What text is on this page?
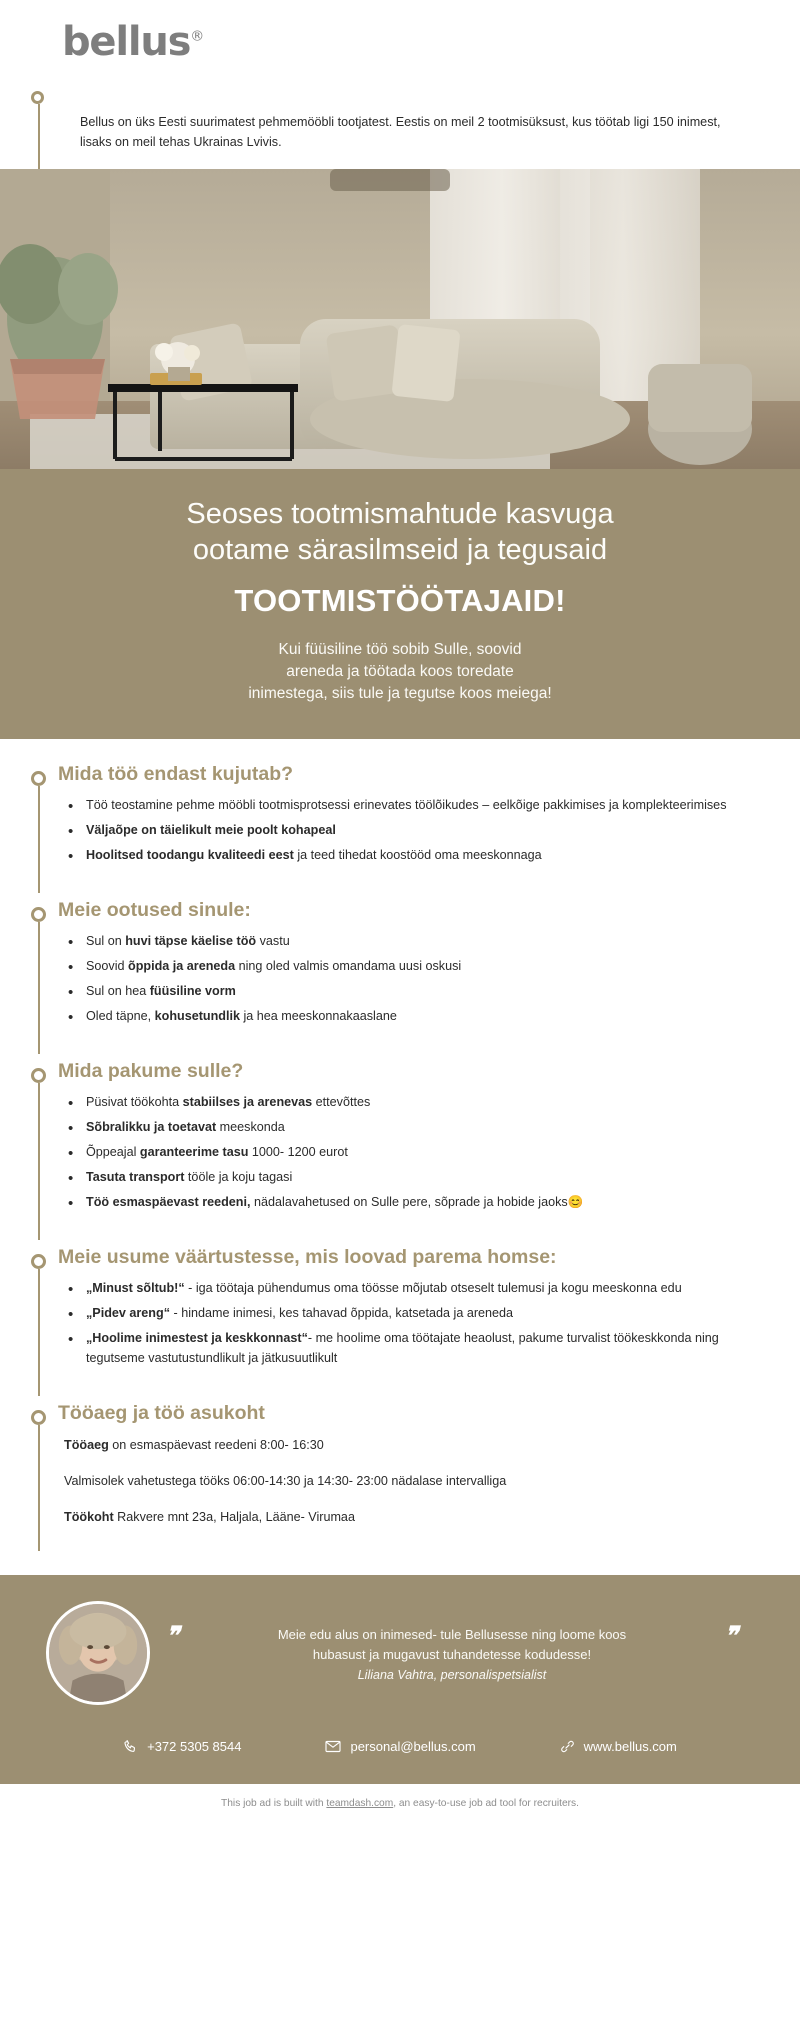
bellus®

Bellus on üks Eesti suurimatest pehmemööbli tootjatest. Eestis on meil 2 tootmisüksust, kus töötab ligi 150 inimest, lisaks on meil tehas Ukrainas Lvivis.

Seoses tootmismahtude kasvuga
ootame särasilmseid ja tegusaid
TOOTMISTÖÖTAJAID!
Kui füüsiline töö sobib Sulle, soovid
areneda ja töötada koos toredate
inimestega, siis tule ja tegutse koos meiega!
Mida töö endast kujutab?
• Töö teostamine pehme mööbli tootmisprotsessi erinevates töölõikudes – eelkõige pakkimises ja komplekteerimises
• Väljaõpe on täielikult meie poolt kohapeal
• Hoolitsed toodangu kvaliteedi eest ja teed tihedat koostööd oma meeskonnaga
Meie ootused sinule:
• Sul on huvi täpse käelise töö vastu
• Soovid õppida ja areneda ning oled valmis omandama uusi oskusi
• Sul on hea füüsiline vorm
• Oled täpne, kohusetundlik ja hea meeskonnakaaslane
Mida pakume sulle?
• Püsivat töökohta stabiilses ja arenevas ettevõttes
• Sõbralikku ja toetavat meeskonda
• Õppeajal garanteerime tasu 1000- 1200 eurot
• Tasuta transport tööle ja koju tagasi
• Töö esmaspäevast reedeni, nädalavahetused on Sulle pere, sõprade ja hobide jaoks😊
Meie usume väärtustesse, mis loovad parema homse:
• „Minust sõltub!“ - iga töötaja pühendumus oma töösse mõjutab otseselt tulemusi ja kogu meeskonna edu
• „Pidev areng“ - hindame inimesi, kes tahavad õppida, katsetada ja areneda
• „Hoolime inimestest ja keskkonnast“- me hoolime oma töötajate heaolust, pakume turvalist töökeskkonda ning tegutseme vastutustundlikult ja jätkusuutlikult
Tööaeg ja töö asukoht

Tööaeg on esmaspäevast reedeni 8:00- 16:30

Valmisolek vahetustega tööks 06:00-14:30 ja 14:30- 23:00 nädalase intervalliga

Töökoht Rakvere mnt 23a, Haljala, Lääne- Virumaa

❞	❞
Meie edu alus on inimesed- tule Bellusesse ning loome koos
hubasust ja mugavust tuhandetesse kodudesse!
Liliana Vahtra, personalispetsialist
+372 5305 8544	personal@bellus.com	www.bellus.com
This job ad is built with teamdash.com, an easy-to-use job ad tool for recruiters.
